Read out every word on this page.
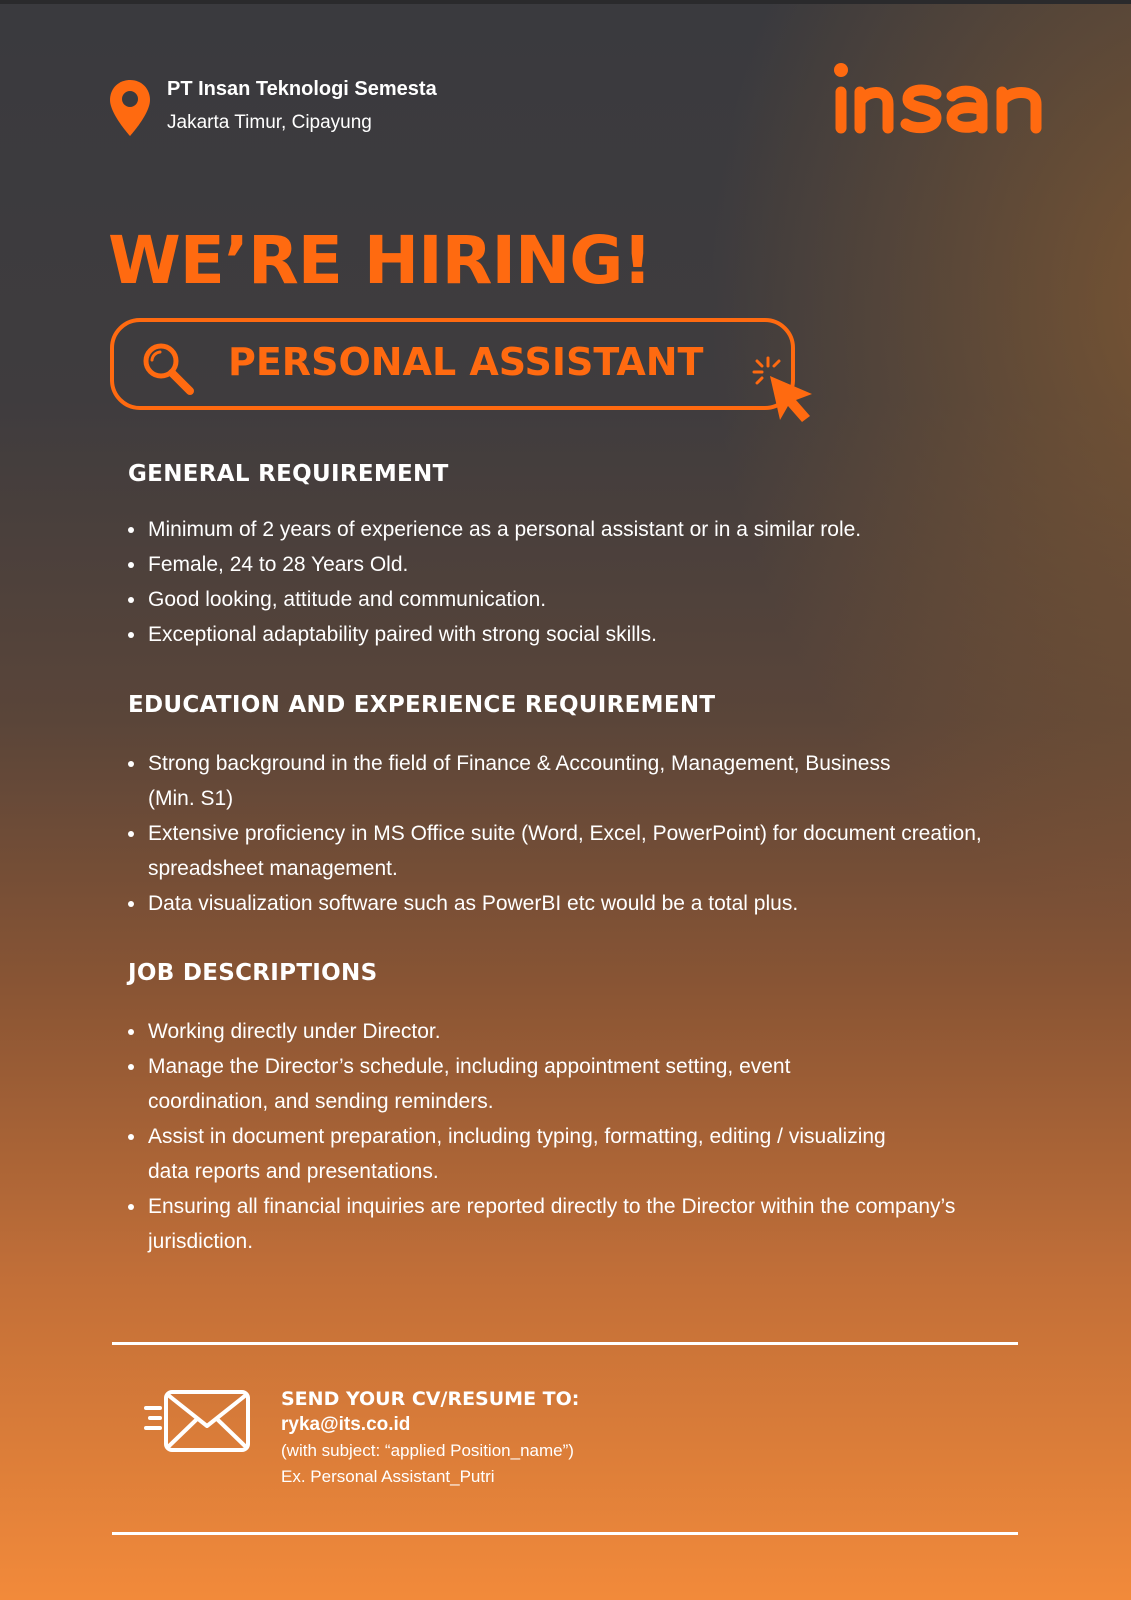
PT Insan Teknologi Semesta
Jakarta Timur, Cipayung
WE’RE HIRING!
PERSONAL ASSISTANT
GENERAL REQUIREMENT
Minimum of 2 years of experience as a personal assistant or in a similar role.
Female, 24 to 28 Years Old.
Good looking, attitude and communication.
Exceptional adaptability paired with strong social skills.
EDUCATION AND EXPERIENCE REQUIREMENT
Strong background in the field of Finance & Accounting, Management, Business (Min. S1)
Extensive proficiency in MS Office suite (Word, Excel, PowerPoint) for document creation, spreadsheet management.
Data visualization software such as PowerBI etc would be a total plus.
JOB DESCRIPTIONS
Working directly under Director.
Manage the Director’s schedule, including appointment setting, event coordination, and sending reminders.
Assist in document preparation, including typing, formatting, editing / visualizing data reports and presentations.
Ensuring all financial inquiries are reported directly to the Director within the company’s jurisdiction.
SEND YOUR CV/RESUME TO:
ryka@its.co.id
(with subject: “applied Position_name”)
Ex. Personal Assistant_Putri
